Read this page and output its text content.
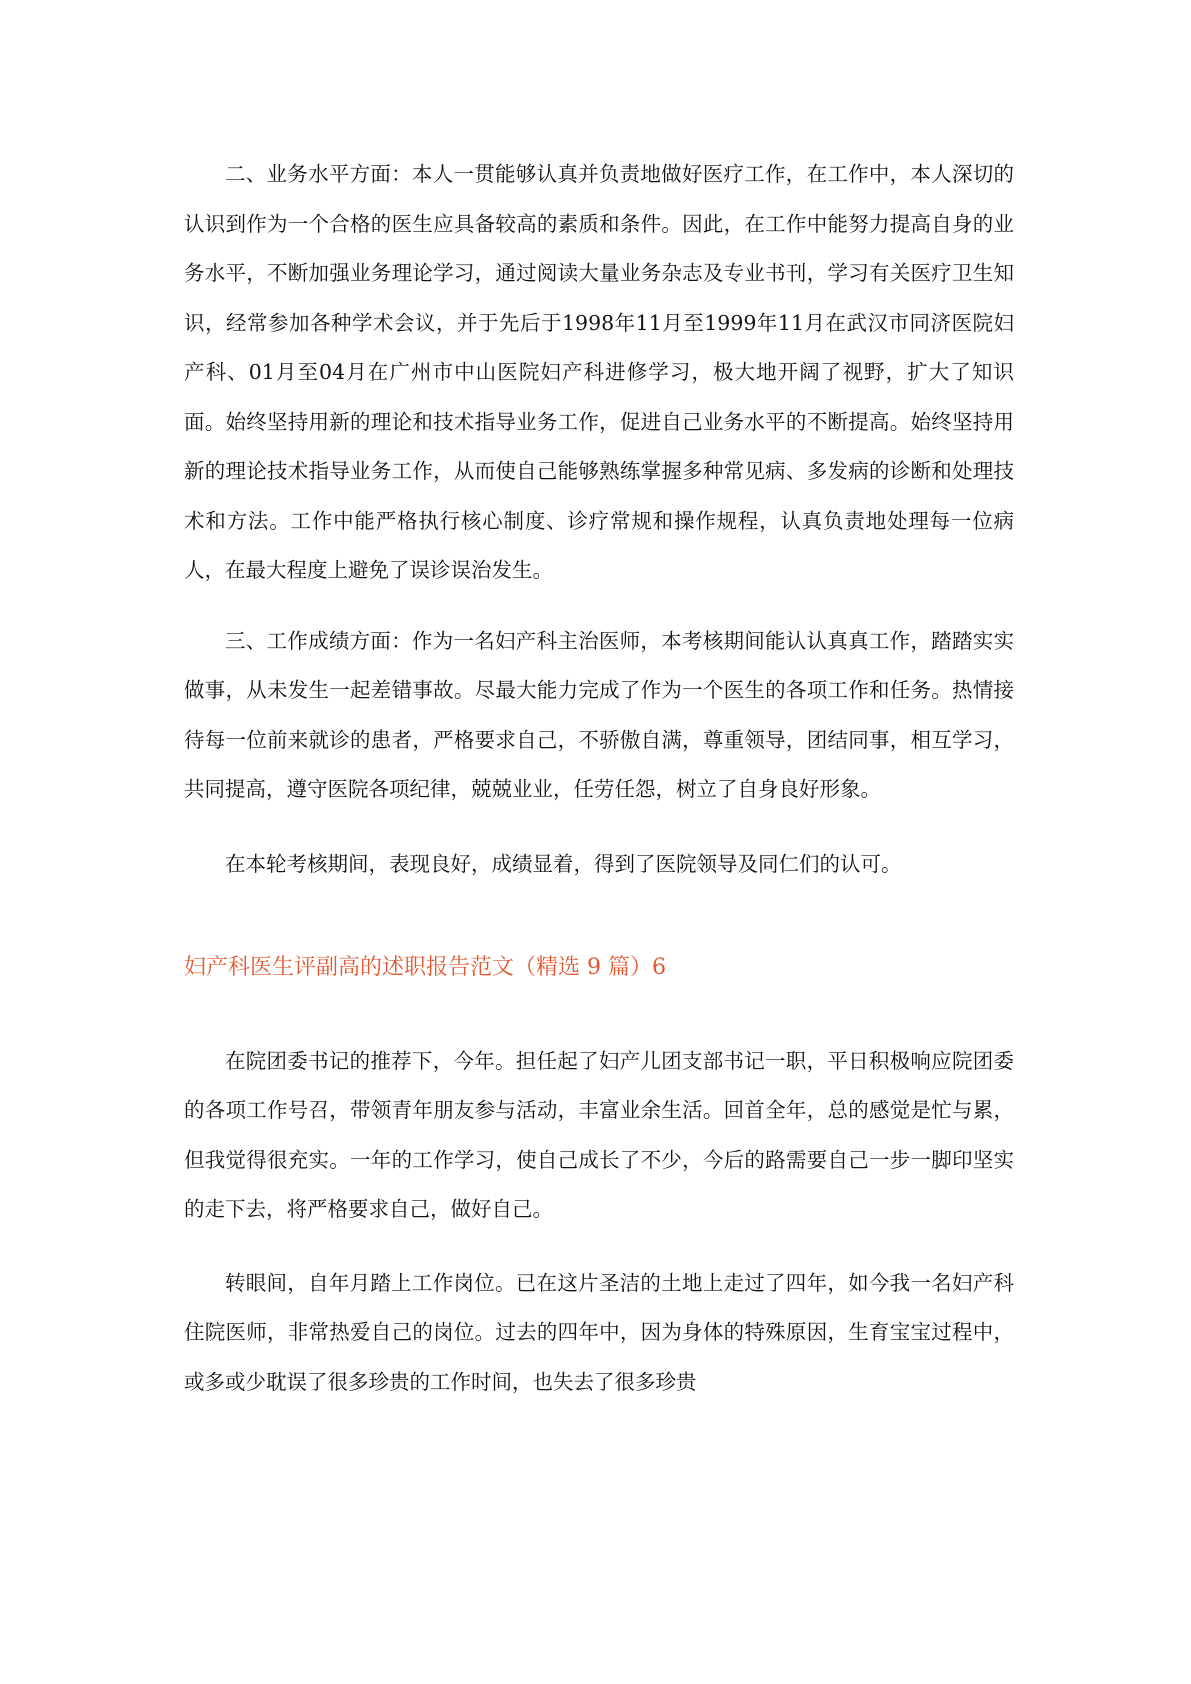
二、业务水平方面：本人一贯能够认真并负责地做好医疗工作，在工作中，本人深切的认识到作为一个合格的医生应具备较高的素质和条件。因此，在工作中能努力提高自身的业务水平，不断加强业务理论学习，通过阅读大量业务杂志及专业书刊，学习有关医疗卫生知识，经常参加各种学术会议，并于先后于1998年11月至1999年11月在武汉市同济医院妇产科、01月至04月在广州市中山医院妇产科进修学习，极大地开阔了视野，扩大了知识面。始终坚持用新的理论和技术指导业务工作，促进自己业务水平的不断提高。始终坚持用新的理论技术指导业务工作，从而使自己能够熟练掌握多种常见病、多发病的诊断和处理技术和方法。工作中能严格执行核心制度、诊疗常规和操作规程，认真负责地处理每一位病人，在最大程度上避免了误诊误治发生。

三、工作成绩方面：作为一名妇产科主治医师，本考核期间能认认真真工作，踏踏实实做事，从未发生一起差错事故。尽最大能力完成了作为一个医生的各项工作和任务。热情接待每一位前来就诊的患者，严格要求自己，不骄傲自满，尊重领导，团结同事，相互学习，共同提高，遵守医院各项纪律，兢兢业业，任劳任怨，树立了自身良好形象。

在本轮考核期间，表现良好，成绩显着，得到了医院领导及同仁们的认可。

妇产科医生评副高的述职报告范文（精选 9 篇）6

在院团委书记的推荐下，今年。担任起了妇产儿团支部书记一职，平日积极响应院团委的各项工作号召，带领青年朋友参与活动，丰富业余生活。回首全年，总的感觉是忙与累，但我觉得很充实。一年的工作学习，使自己成长了不少，今后的路需要自己一步一脚印坚实的走下去，将严格要求自己，做好自己。

转眼间，自年月踏上工作岗位。已在这片圣洁的土地上走过了四年，如今我一名妇产科住院医师，非常热爱自己的岗位。过去的四年中，因为身体的特殊原因，生育宝宝过程中，或多或少耽误了很多珍贵的工作时间，也失去了很多珍贵
